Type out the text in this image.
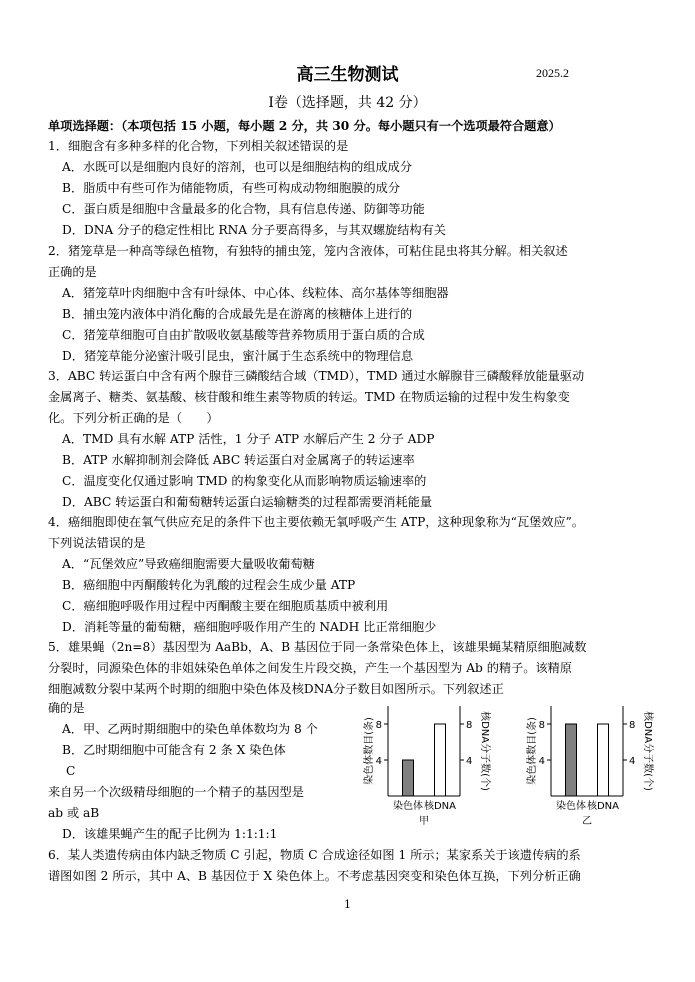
高三生物测试	2025.2
Ⅰ卷（选择题，共 42 分）
单项选择题：（本项包括 15 小题，每小题 2 分，共 30 分。每小题只有一个选项最符合题意）
1．细胞含有多种多样的化合物，下列相关叙述错误的是
A．水既可以是细胞内良好的溶剂，也可以是细胞结构的组成成分
B．脂质中有些可作为储能物质，有些可构成动物细胞膜的成分
C．蛋白质是细胞中含量最多的化合物，具有信息传递、防御等功能
D．DNA 分子的稳定性相比 RNA 分子要高得多，与其双螺旋结构有关
2．猪笼草是一种高等绿色植物，有独特的捕虫笼，笼内含液体，可粘住昆虫将其分解。相关叙述
正确的是
A．猪笼草叶肉细胞中含有叶绿体、中心体、线粒体、高尔基体等细胞器
B．捕虫笼内液体中消化酶的合成最先是在游离的核糖体上进行的
C．猪笼草细胞可自由扩散吸收氨基酸等营养物质用于蛋白质的合成
D．猪笼草能分泌蜜汁吸引昆虫，蜜汁属于生态系统中的物理信息
3．ABC 转运蛋白中含有两个腺苷三磷酸结合域（TMD），TMD 通过水解腺苷三磷酸释放能量驱动
金属离子、糖类、氨基酸、核苷酸和维生素等物质的转运。TMD 在物质运输的过程中发生构象变
化。下列分析正确的是（　　）
A．TMD 具有水解 ATP 活性，1 分子 ATP 水解后产生 2 分子 ADP
B．ATP 水解抑制剂会降低 ABC 转运蛋白对金属离子的转运速率
C．温度变化仅通过影响 TMD 的构象变化从而影响物质运输速率的
D．ABC 转运蛋白和葡萄糖转运蛋白运输糖类的过程都需要消耗能量
4．癌细胞即使在氧气供应充足的条件下也主要依赖无氧呼吸产生 ATP，这种现象称为“瓦堡效应”。
下列说法错误的是
A．“瓦堡效应”导致癌细胞需要大量吸收葡萄糖
B．癌细胞中丙酮酸转化为乳酸的过程会生成少量 ATP
C．癌细胞呼吸作用过程中丙酮酸主要在细胞质基质中被利用
D．消耗等量的葡萄糖，癌细胞呼吸作用产生的 NADH 比正常细胞少
5．雄果蝇（2n=8）基因型为 AaBb，A、B 基因位于同一条常染色体上，该雄果蝇某精原细胞减数
分裂时，同源染色体的非姐妹染色单体之间发生片段交换，产生一个基因型为 Ab 的精子。该精原
细胞减数分裂中某两个时期的细胞中染色体及核DNA分子数目如图所示。下列叙述正
确的是
A．甲、乙两时期细胞中的染色单体数均为 8 个
B．乙时期细胞中可能含有 2 条 X 染色体
C
来自另一个次级精母细胞的一个精子的基因型是
ab 或 aB
D．该雄果蝇产生的配子比例为 1:1:1:1
6．某人类遗传病由体内缺乏物质 C 引起，物质 C 合成途径如图 1 所示；某家系关于该遗传病的系
谱图如图 2 所示，其中 A、B 基因位于 X 染色体上。不考虑基因突变和染色体互换，下列分析正确
4	4
8	8
染色体 核DNA
染色体数目(条)	核DNA分子数(个)
甲
4	4
8	8
染色体 核DNA
染色体数目(条)	核DNA分子数(个)
乙
1
